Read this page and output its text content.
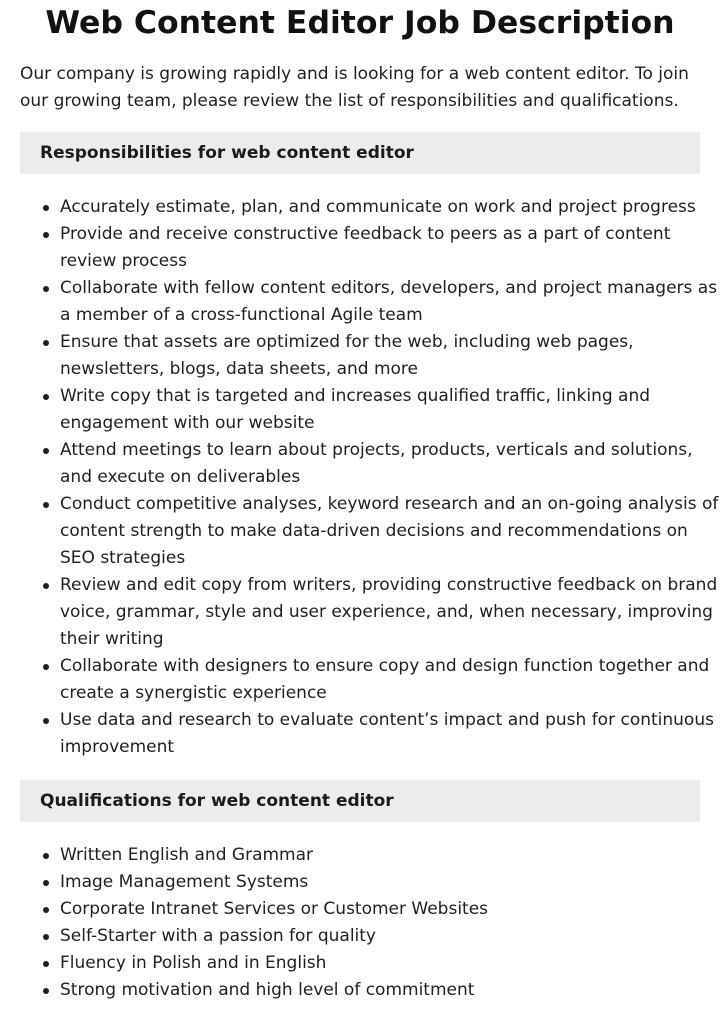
Web Content Editor Job Description

Our company is growing rapidly and is looking for a web content editor. To join
our growing team, please review the list of responsibilities and qualifications.

Responsibilities for web content editor
Accurately estimate, plan, and communicate on work and project progress
Provide and receive constructive feedback to peers as a part of content
review process
Collaborate with fellow content editors, developers, and project managers as
a member of a cross-functional Agile team
Ensure that assets are optimized for the web, including web pages,
newsletters, blogs, data sheets, and more
Write copy that is targeted and increases qualified traffic, linking and
engagement with our website
Attend meetings to learn about projects, products, verticals and solutions,
and execute on deliverables
Conduct competitive analyses, keyword research and an on-going analysis of
content strength to make data-driven decisions and recommendations on
SEO strategies
Review and edit copy from writers, providing constructive feedback on brand
voice, grammar, style and user experience, and, when necessary, improving
their writing
Collaborate with designers to ensure copy and design function together and
create a synergistic experience
Use data and research to evaluate content’s impact and push for continuous
improvement
Qualifications for web content editor
Written English and Grammar
Image Management Systems
Corporate Intranet Services or Customer Websites
Self-Starter with a passion for quality
Fluency in Polish and in English
Strong motivation and high level of commitment
